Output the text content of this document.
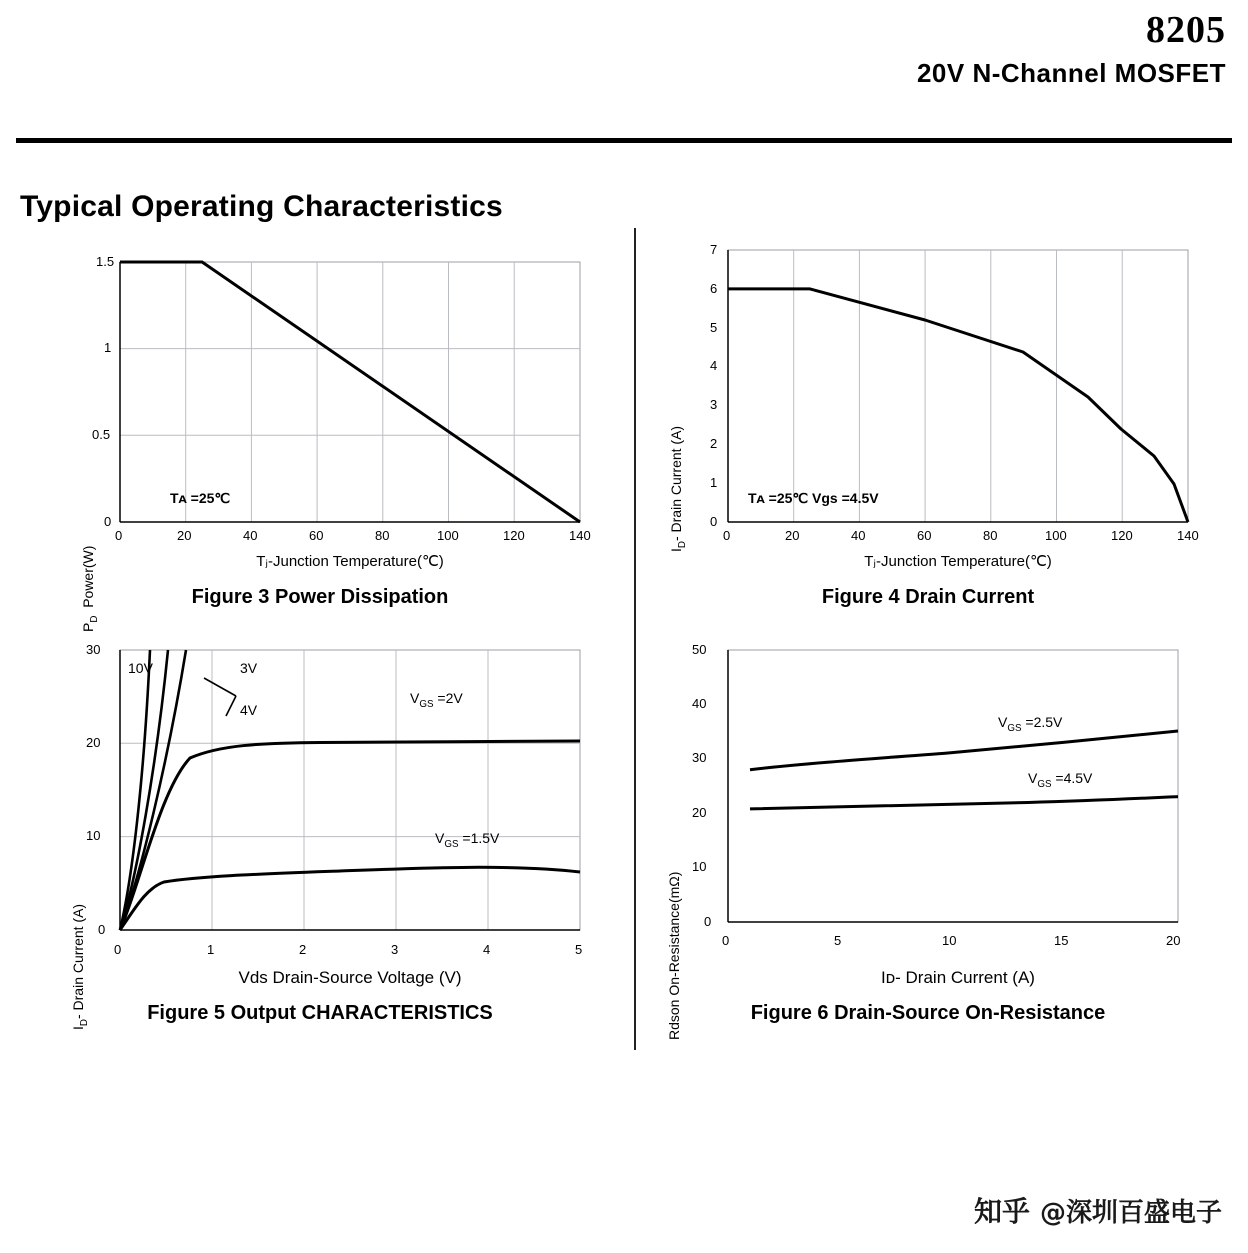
8205
20V N-Channel MOSFET
Typical Operating Characteristics
$P_D$  Power(W)
1.5
1
0.5
0
0	20	40	60	80	100	120	140
Tᴀ =25℃
Tⱼ-Junction Temperature(℃)
Figure 3 Power Dissipation
$I_D-$ Drain Current (A)
7
6
5
4
3
2
1
0
0	20	40	60	80	100	120	140
Tᴀ =25℃ Vgs =4.5V
Tⱼ-Junction Temperature(℃)
Figure 4 Drain Current
$I_D-$ Drain Current (A)
30
20
10
0
0	1	2	3	4	5
10V	3V
4V
$V_{GS} =2V$
$V_{GS} =1.5V$
Vds Drain-Source Voltage (V)
Figure 5 Output CHARACTERISTICS	Rdson On-Resistance(mΩ)
50
40
30
20
10
0
0	5	10	15	20
$V_{GS} =2.5V$
$V_{GS} =4.5V$
Iᴅ- Drain Current (A)
Figure 6 Drain-Source On-Resistance
知乎 @深圳百盛电子
